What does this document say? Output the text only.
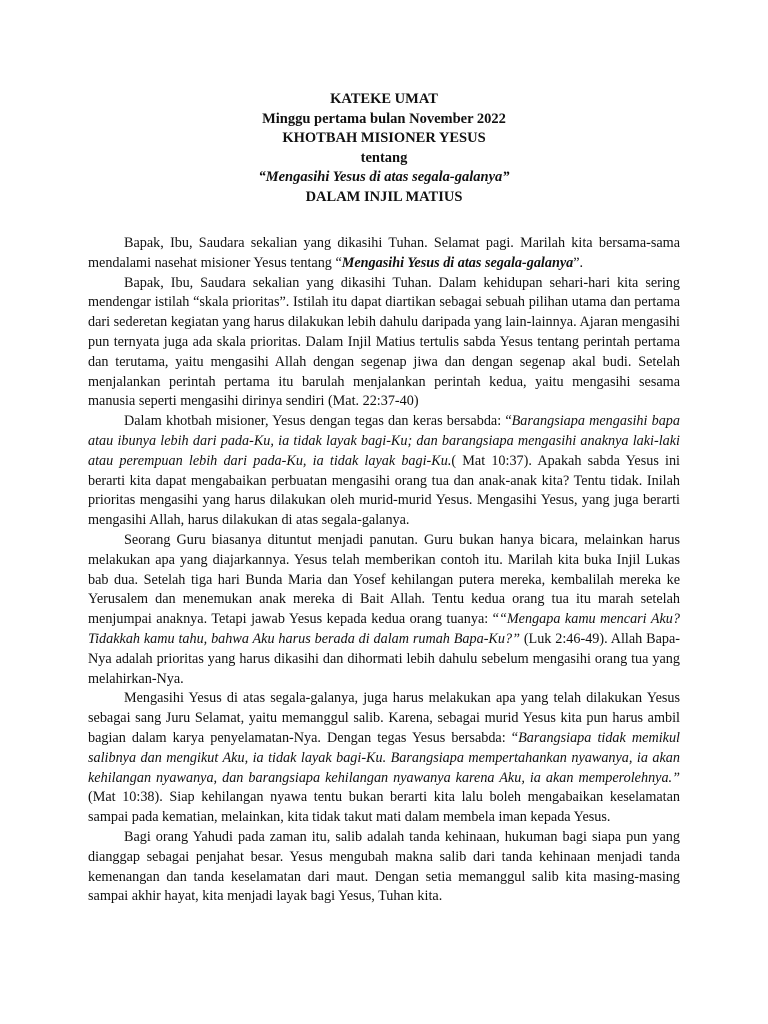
KATEKE UMAT
Minggu pertama bulan November 2022
KHOTBAH MISIONER YESUS
tentang
“Mengasihi Yesus di atas segala-galanya”
DALAM INJIL MATIUS

Bapak, Ibu, Saudara sekalian yang dikasihi Tuhan. Selamat pagi. Marilah kita bersama-sama mendalami nasehat misioner Yesus tentang “Mengasihi Yesus di atas segala-galanya”.

Bapak, Ibu, Saudara sekalian yang dikasihi Tuhan. Dalam kehidupan sehari-hari kita sering mendengar istilah “skala prioritas”. Istilah itu dapat diartikan sebagai sebuah pilihan utama dan pertama dari sederetan kegiatan yang harus dilakukan lebih dahulu daripada yang lain-lainnya. Ajaran mengasihi pun ternyata juga ada skala prioritas. Dalam Injil Matius tertulis sabda Yesus tentang perintah pertama dan terutama, yaitu mengasihi Allah dengan segenap jiwa dan dengan segenap akal budi. Setelah menjalankan perintah pertama itu barulah menjalankan perintah kedua, yaitu mengasihi sesama manusia seperti mengasihi dirinya sendiri (Mat. 22:37-40)

Dalam khotbah misioner, Yesus dengan tegas dan keras bersabda: “Barangsiapa mengasihi bapa atau ibunya lebih dari pada-Ku, ia tidak layak bagi-Ku; dan barangsiapa mengasihi anaknya laki-laki atau perempuan lebih dari pada-Ku, ia tidak layak bagi-Ku.( Mat 10:37). Apakah sabda Yesus ini berarti kita dapat mengabaikan perbuatan mengasihi orang tua dan anak-anak kita? Tentu tidak. Inilah prioritas mengasihi yang harus dilakukan oleh murid-murid Yesus. Mengasihi Yesus, yang juga berarti mengasihi Allah, harus dilakukan di atas segala-galanya.

Seorang Guru biasanya dituntut menjadi panutan. Guru bukan hanya bicara, melainkan harus melakukan apa yang diajarkannya. Yesus telah memberikan contoh itu. Marilah kita buka Injil Lukas bab dua. Setelah tiga hari Bunda Maria dan Yosef kehilangan putera mereka, kembalilah mereka ke Yerusalem dan menemukan anak mereka di Bait Allah. Tentu kedua orang tua itu marah setelah menjumpai anaknya. Tetapi jawab Yesus kepada kedua orang tuanya: ““Mengapa kamu mencari Aku? Tidakkah kamu tahu, bahwa Aku harus berada di dalam rumah Bapa-Ku?” (Luk 2:46-49). Allah Bapa-Nya adalah prioritas yang harus dikasihi dan dihormati lebih dahulu sebelum mengasihi orang tua yang melahirkan-Nya.

Mengasihi Yesus di atas segala-galanya, juga harus melakukan apa yang telah dilakukan Yesus sebagai sang Juru Selamat, yaitu memanggul salib. Karena, sebagai murid Yesus kita pun harus ambil bagian dalam karya penyelamatan-Nya. Dengan tegas Yesus bersabda: “Barangsiapa tidak memikul salibnya dan mengikut Aku, ia tidak layak bagi-Ku. Barangsiapa mempertahankan nyawanya, ia akan kehilangan nyawanya, dan barangsiapa kehilangan nyawanya karena Aku, ia akan memperolehnya.” (Mat 10:38). Siap kehilangan nyawa tentu bukan berarti kita lalu boleh mengabaikan keselamatan sampai pada kematian, melainkan, kita tidak takut mati dalam membela iman kepada Yesus.

Bagi orang Yahudi pada zaman itu, salib adalah tanda kehinaan, hukuman bagi siapa pun yang dianggap sebagai penjahat besar. Yesus mengubah makna salib dari tanda kehinaan menjadi tanda kemenangan dan tanda keselamatan dari maut. Dengan setia memanggul salib kita masing-masing sampai akhir hayat, kita menjadi layak bagi Yesus, Tuhan kita.
